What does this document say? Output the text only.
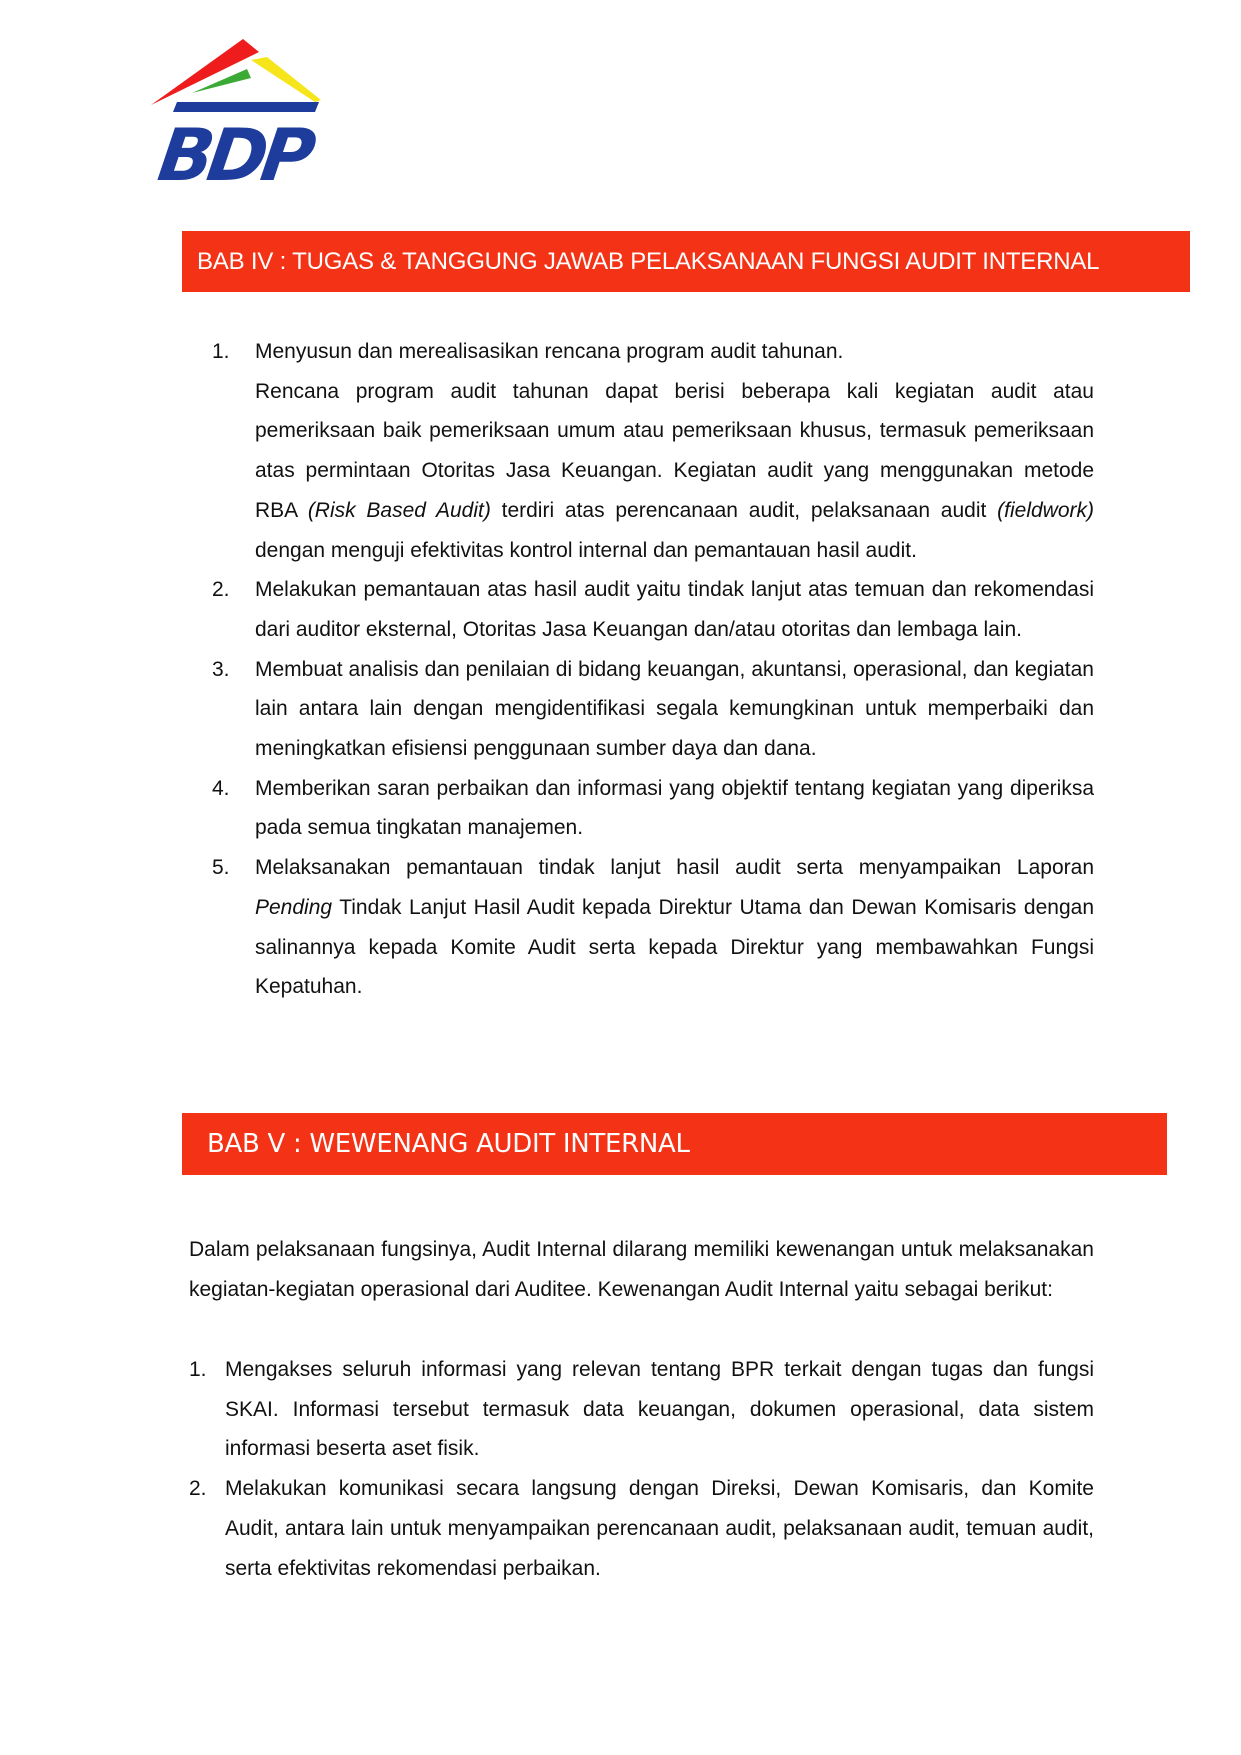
BDP
BAB IV : TUGAS & TANGGUNG JAWAB PELAKSANAAN FUNGSI AUDIT INTERNAL
1. Menyusun dan merealisasikan rencana program audit tahunan.
Rencana program audit tahunan dapat berisi beberapa kali kegiatan audit atau pemeriksaan baik pemeriksaan umum atau pemeriksaan khusus, termasuk pemeriksaan atas permintaan Otoritas Jasa Keuangan. Kegiatan audit yang menggunakan metode RBA (Risk Based Audit) terdiri atas perencanaan audit, pelaksanaan audit (fieldwork) dengan menguji efektivitas kontrol internal dan pemantauan hasil audit.
2. Melakukan pemantauan atas hasil audit yaitu tindak lanjut atas temuan dan rekomendasi dari auditor eksternal, Otoritas Jasa Keuangan dan/atau otoritas dan lembaga lain.
3. Membuat analisis dan penilaian di bidang keuangan, akuntansi, operasional, dan kegiatan lain antara lain dengan mengidentifikasi segala kemungkinan untuk memperbaiki dan meningkatkan efisiensi penggunaan sumber daya dan dana.
4. Memberikan saran perbaikan dan informasi yang objektif tentang kegiatan yang diperiksa pada semua tingkatan manajemen.
5. Melaksanakan pemantauan tindak lanjut hasil audit serta menyampaikan Laporan Pending Tindak Lanjut Hasil Audit kepada Direktur Utama dan Dewan Komisaris dengan salinannya kepada Komite Audit serta kepada Direktur yang membawahkan Fungsi Kepatuhan.
BAB V : WEWENANG AUDIT INTERNAL

Dalam pelaksanaan fungsinya, Audit Internal dilarang memiliki kewenangan untuk melaksanakan kegiatan-kegiatan operasional dari Auditee. Kewenangan Audit Internal yaitu sebagai berikut:

1. Mengakses seluruh informasi yang relevan tentang BPR terkait dengan tugas dan fungsi SKAI. Informasi tersebut termasuk data keuangan, dokumen operasional, data sistem informasi beserta aset fisik.
2. Melakukan komunikasi secara langsung dengan Direksi, Dewan Komisaris, dan Komite Audit, antara lain untuk menyampaikan perencanaan audit, pelaksanaan audit, temuan audit, serta efektivitas rekomendasi perbaikan.
